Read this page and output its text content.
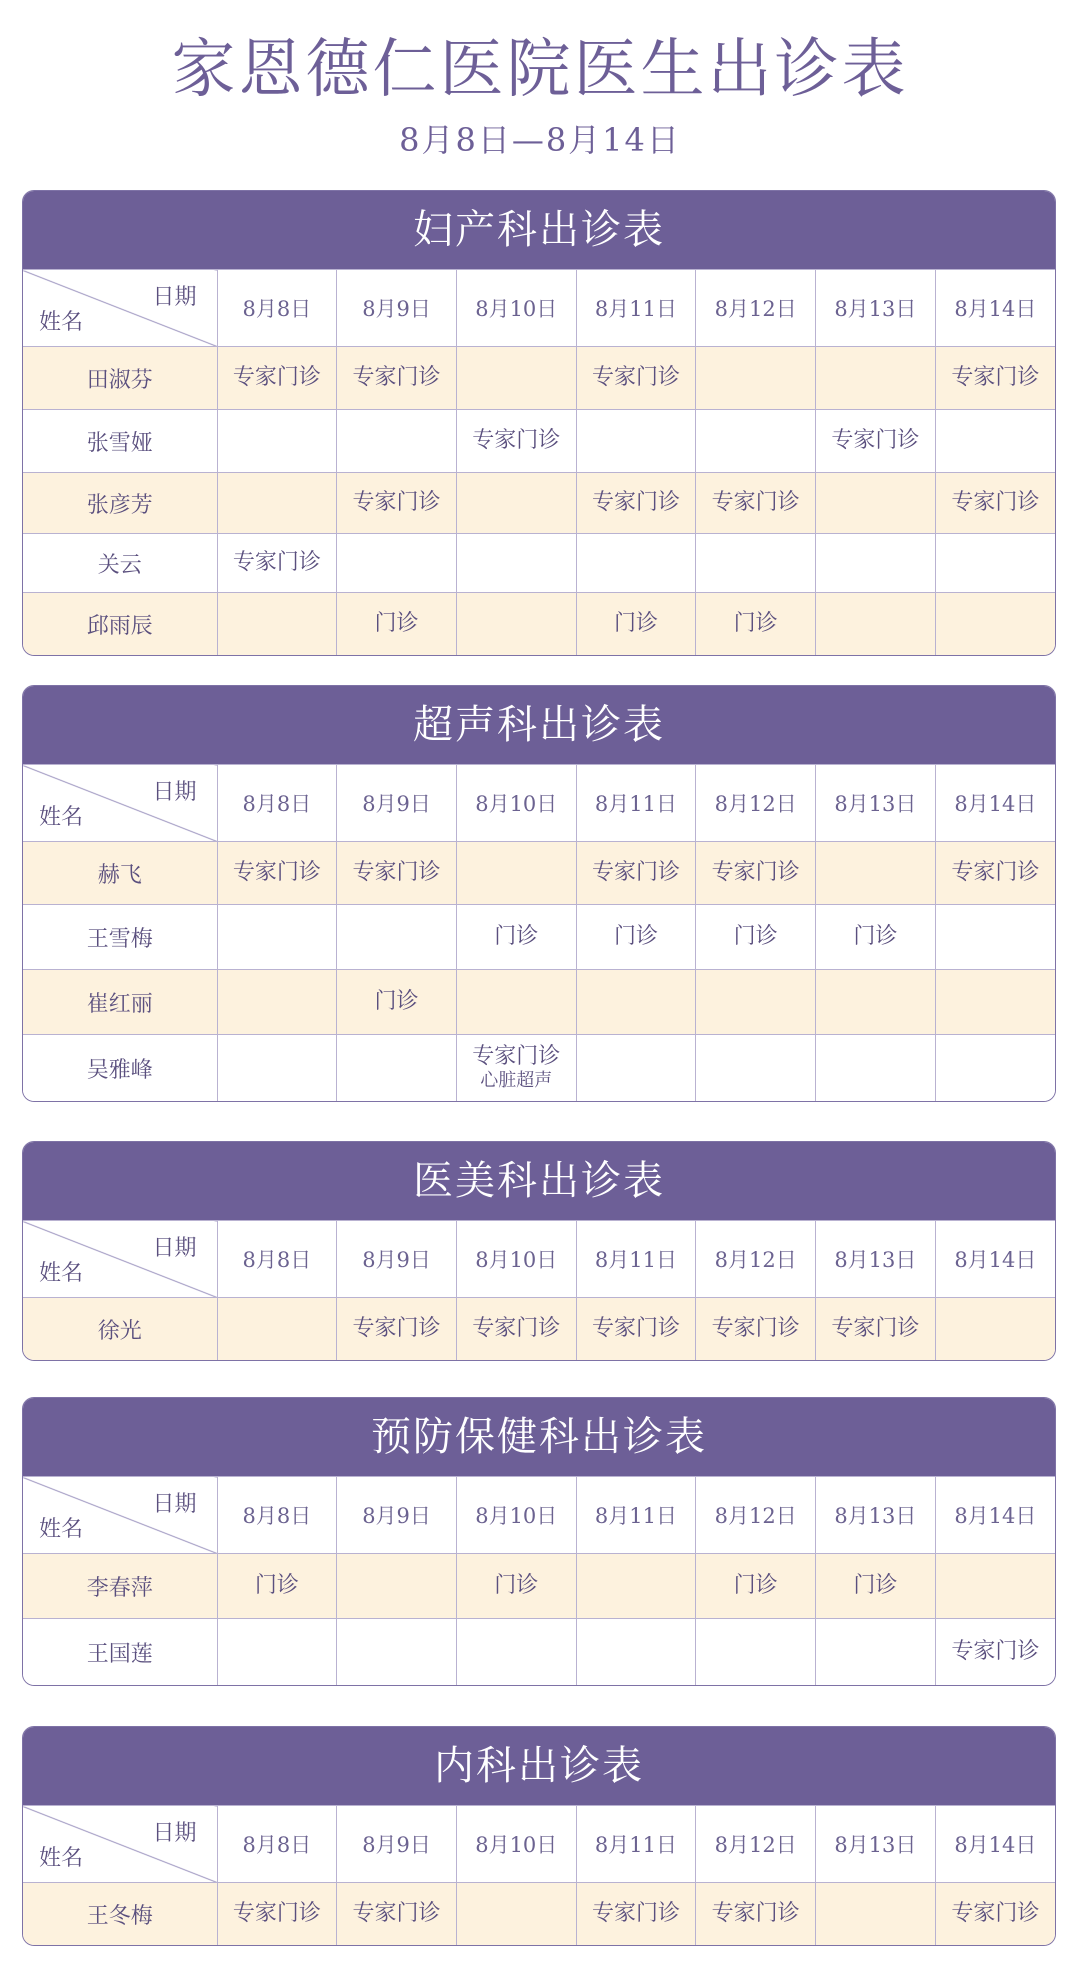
家恩德仁医院医生出诊表
8月8日—8月14日
妇产科出诊表
日期
姓名	8月8日	8月9日	8月10日	8月11日	8月12日	8月13日	8月14日
田淑芬	专家门诊	专家门诊		专家门诊			专家门诊

张雪娅			专家门诊			专家门诊	

张彦芳		专家门诊		专家门诊	专家门诊		专家门诊

关云	专家门诊						

邱雨辰		门诊		门诊	门诊		

超声科出诊表
日期
姓名	8月8日	8月9日	8月10日	8月11日	8月12日	8月13日	8月14日
赫飞	专家门诊	专家门诊		专家门诊	专家门诊		专家门诊

王雪梅			门诊	门诊	门诊	门诊	

崔红丽		门诊					

吴雅峰			专家门诊
心脏超声				

医美科出诊表
日期
姓名	8月8日	8月9日	8月10日	8月11日	8月12日	8月13日	8月14日
徐光		专家门诊	专家门诊	专家门诊	专家门诊	专家门诊	

预防保健科出诊表
日期
姓名	8月8日	8月9日	8月10日	8月11日	8月12日	8月13日	8月14日
李春萍	门诊		门诊		门诊	门诊	

王国莲							专家门诊
内科出诊表
日期
姓名	8月8日	8月9日	8月10日	8月11日	8月12日	8月13日	8月14日
王冬梅	专家门诊	专家门诊		专家门诊	专家门诊		专家门诊
